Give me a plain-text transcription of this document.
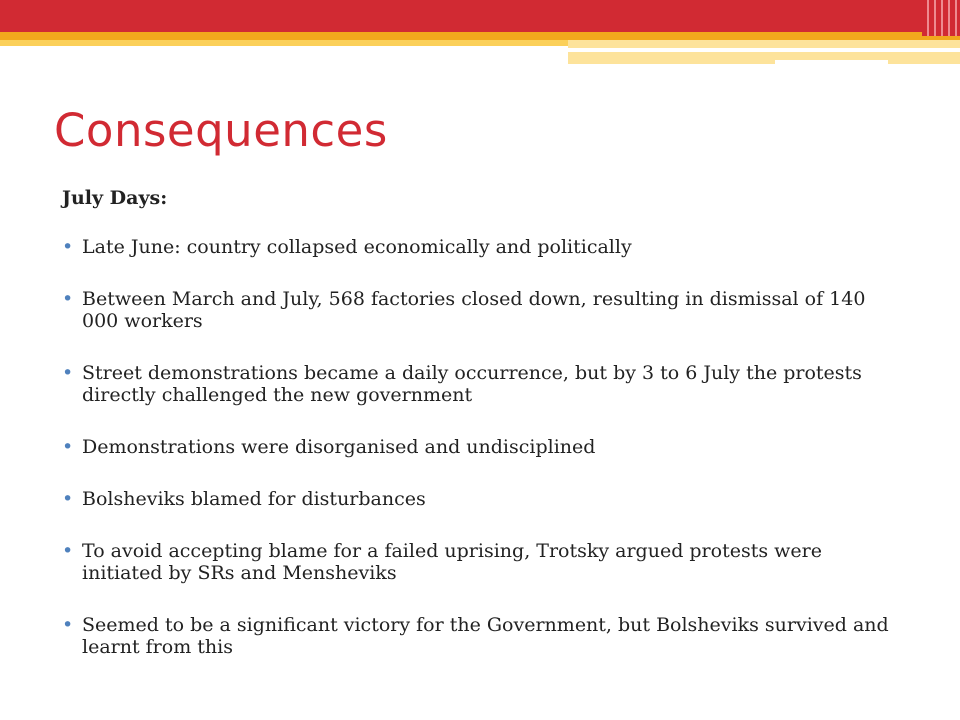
Consequences

July Days:

• Late June: country collapsed economically and politically
• Between March and July, 568 factories closed down, resulting in dismissal of 140 000 workers
• Street demonstrations became a daily occurrence, but by 3 to 6 July the protests directly challenged the new government
• Demonstrations were disorganised and undisciplined
• Bolsheviks blamed for disturbances
• To avoid accepting blame for a failed uprising, Trotsky argued protests were initiated by SRs and Mensheviks
• Seemed to be a significant victory for the Government, but Bolsheviks survived and learnt from this
